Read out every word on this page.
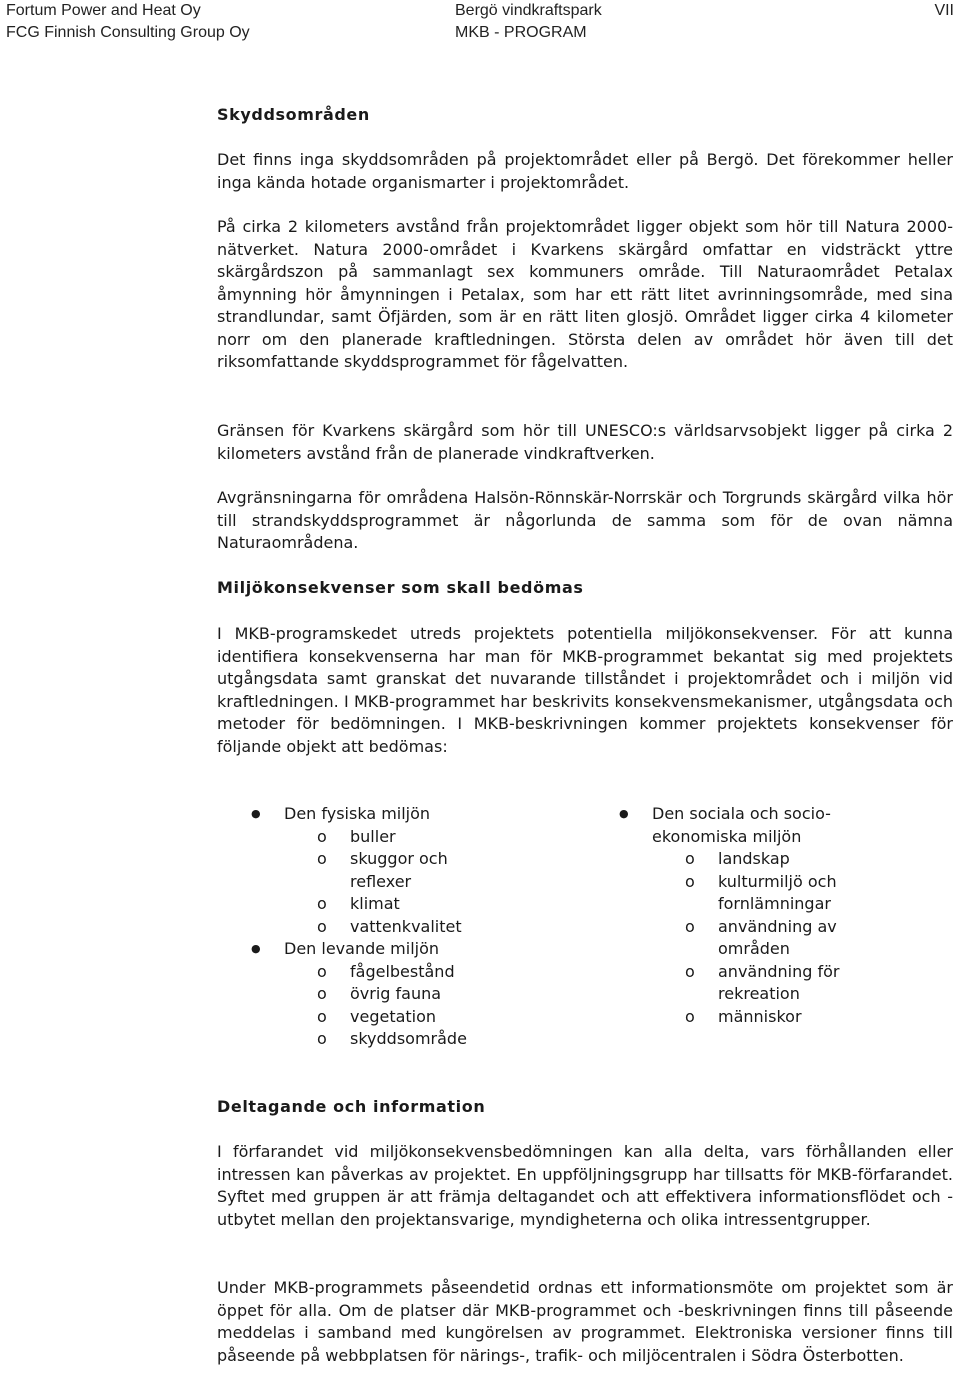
Fortum Power and Heat Oy
FCG Finnish Consulting Group Oy
Bergö vindkraftspark
MKB - PROGRAM
VII
Skyddsområden

Det finns inga skyddsområden på projektområdet eller på Bergö. Det förekommer heller inga kända hotade organismarter i projektområdet.

På cirka 2 kilometers avstånd från projektområdet ligger objekt som hör till Natura 2000-nätverket. Natura 2000-området i Kvarkens skärgård omfattar en vidsträckt yttre skärgårdszon på sammanlagt sex kommuners område. Till Naturaområdet Petalax åmynning hör åmynningen i Petalax, som har ett rätt litet avrinningsområde, med sina strandlundar, samt Öfjärden, som är en rätt liten glosjö. Området ligger cirka 4 kilometer norr om den planerade kraftledningen. Största delen av området hör även till det riksomfattande skyddsprogrammet för fågelvatten.

Gränsen för Kvarkens skärgård som hör till UNESCO:s världsarvsobjekt ligger på cirka 2 kilometers avstånd från de planerade vindkraftverken.

Avgränsningarna för områdena Halsön-Rönnskär-Norrskär och Torgrunds skärgård vilka hör till strandskyddsprogrammet är någorlunda de samma som för de ovan nämna Naturaområdena.

Miljökonsekvenser som skall bedömas

I MKB-programskedet utreds projektets potentiella miljökonsekvenser. För att kunna identifiera konsekvenserna har man för MKB-programmet bekantat sig med projektets utgångsdata samt granskat det nuvarande tillståndet i projektområdet och i miljön vid kraftledningen. I MKB-programmet har beskrivits konsekvensmekanismer, utgångsdata och metoder för bedömningen. I MKB-beskrivningen kommer projektets konsekvenser för följande objekt att bedömas:

Deltagande och information

I förfarandet vid miljökonsekvensbedömningen kan alla delta, vars förhållanden eller intressen kan påverkas av projektet. En uppföljningsgrupp har tillsatts för MKB-förfarandet. Syftet med gruppen är att främja deltagandet och att effektivera informationsflödet och -utbytet mellan den projektansvarige, myndigheterna och olika intressentgrupper.

Under MKB-programmets påseendetid ordnas ett informationsmöte om projektet som är öppet för alla. Om de platser där MKB-programmet och -beskrivningen finns till påseende meddelas i samband med kungörelsen av programmet. Elektroniska versioner finns till påseende på webbplatsen för närings-, trafik- och miljöcentralen i Södra Österbotten.

● Den fysiska miljön
o buller
o skuggor och
reflexer
o klimat
o vattenkvalitet
● Den levande miljön
o fågelbestånd
o övrig fauna
o vegetation
o skyddsområde
● Den sociala och socio-
ekonomiska miljön
o landskap
o kulturmiljö och
fornlämningar
o användning av
områden
o användning för
rekreation
o människor
